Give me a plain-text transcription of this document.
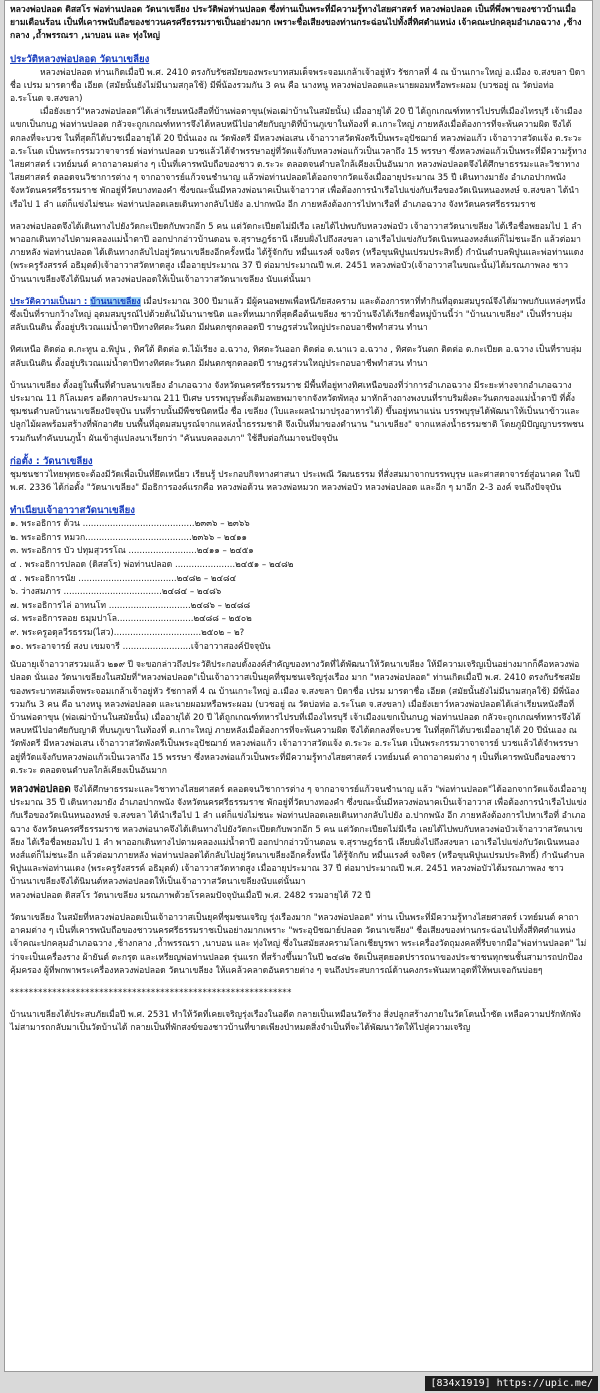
หลวงพ่อปลอด ดิสสโร พ่อท่านปลอด วัดนาเขลียง ประวัติพ่อท่านปลอด ซึ่งท่านเป็นพระที่มีความรู้ทางไสยศาสตร์ หลวงพ่อปลอด เป็นที่พึ่งพาของชาวบ้านเมื่อยามเดือนร้อน เป็นที่เคารพนับถือของชาวนครศรีธรรมราชเป็นอย่างมาก เพราะชื่อเสียงของท่านกระฉ่อนไปทั้งสี่ทิศตำแหน่ง เจ้าคณะปกคลุมอำเภอฉวาง ,ช้างกลาง ,ถ้ำพรรณรา ,นาบอน และ ทุ่งใหญ่

ประวัติหลวงพ่อปลอด วัดนาเขลียง

หลวงพ่อปลอด ท่านเกิดเมื่อปี พ.ศ. 2410 ตรงกับรัชสมัยของพระบาทสมเด็จพระจอมเกล้าเจ้าอยู่หัว รัชกาลที่ 4 ณ บ้านเกาะใหญ่ อ.เมือง จ.สงขลา บิดาชื่อ เปรม มารดาชื่อ เอียด (สมัยนั้นยังไม่มีนามสกุลใช้) มีพี่น้องรวมกัน 3 คน คือ นางหนู หลวงพ่อปลอดและนายผอมหรือพระผอม (บวชอยู่ ณ วัดบ่อท่อ อ.ระโนด จ.สงขลา)

เมื่อยังเยาว์"หลวงพ่อปลอด"ได้เล่าเรียนหนังสือที่บ้านพ่อตาขุน(พ่อเฒ่าบ้านในสมัยนั้น) เมื่ออายุได้ 20 ปี ได้ถูกเกณฑ์ทหารไปรบที่เมืองไทรบุรี เจ้าเมืองแขกเป็นกบฏ พ่อท่านปลอด กลัวจะถูกเกณฑ์ทหารจึงได้หลบหนีไปอาศัยกับญาติที่บ้านภูเขาในท้องที่ ต.เกาะใหญ่ ภายหลังเมื่อต้องการที่จะพ้นความผิด จึงได้ตกลงที่จะบวช ในที่สุดก็ได้บวชเมื่ออายุได้ 20 ปีนั่นเอง ณ วัดพังตรี มีหลวงพ่อเสน เจ้าอาวาสวัดพังตรีเป็นพระอุปัชฌาย์ หลวงพ่อแก้ว เจ้าอาวาสวัดแจ้ง ต.ระวะ อ.ระโนด เป็นพระกรรมวาจาจารย์ พ่อท่านปลอด บวชแล้วได้จำพรรษาอยู่ที่วัดแจ้งกับหลวงพ่อแก้วเป็นเวลาถึง 15 พรรษา ซึ่งหลวงพ่อแก้วเป็นพระที่มีความรู้ทางไสยศาสตร์ เวทย์มนต์ คาถาอาคมต่าง ๆ เป็นที่เคารพนับถือของชาว ต.ระวะ ตลอดจนตำบลใกล้เคียงเป็นอันมาก หลวงพ่อปลอดจึงได้ศึกษาธรรมะและวิชาทางไสยศาสตร์ ตลอดจนวิชาการต่าง ๆ จากอาจารย์แก้วจนชำนาญ แล้วพ่อท่านปลอดได้ออกจากวัดแจ้งเมื่ออายุประมาณ 35 ปี เดินทางมายัง อำเภอปากพนัง จังหวัดนครศรีธรรมราช พักอยู่ที่วัดบางทองคำ ซึ่งขณะนั้นมีหลวงพ่อนาคเป็นเจ้าอาวาส เพื่อต้องการนำเรือไปแข่งกับเรือของวัดเนินหนองหงษ์ จ.สงขลา ได้นำเรือไป 1 ลำ แต่ก็แข่งไม่ชนะ พ่อท่านปลอดเลยเดินทางกลับไปยัง อ.ปากพนัง อีก ภายหลังต้องการไปหาเรือที่ อำเภอฉวาง จังหวัดนครศรีธรรมราช

หลวงพ่อปลอดจึงได้เดินทางไปยังวัดกะเปียดกับพวกอีก 5 คน แต่วัดกะเปียดไม่มีเรือ เลยได้ไปพบกับหลวงพ่อบัว เจ้าอาวาสวัดนาเขลียง ได้เรือชื่อพยอมไป 1 ลำ พาออกเดินทางไปตามคลองแม่น้ำตาปี ออกปากอ่าวบ้านดอน จ.สุราษฎร์ธานี เลียบฝั่งไปถึงสงขลา เอาเรือไปแข่งกับวัดเนินหนองหงส์แต่ก็ไม่ชนะอีก แล้วต่อมาภายหลัง พ่อท่านปลอด ได้เดินทางกลับไปอยู่วัดนาเขลียงอีกครั้งหนึ่ง ได้รู้จักกับ หมื่นแรงศ์ จงจิตร (หรือขุนพิปูนเปรมประสิทธิ์) กำนันตำบลพิปูนและพ่อท่านแดง (พระครูรังสรรค์ อธิมุตต์)เจ้าอาวาสวัดหาดสูง เมื่ออายุประมาณ 37 ปี ต่อมาประมาณปี พ.ศ. 2451 หลวงพ่อบัว(เจ้าอาวาสในขณะนั้น)ได้มรณภาพลง ชาวบ้านนาเขลียงจึงได้นิมนต์ หลวงพ่อปลอดให้เป็นเจ้าอาวาสวัดนาเขลียง นับแต่นั้นมา

ประวัติความเป็นมา : บ้านนาเขลียง เมื่อประมาณ 300 ปีมาแล้ว มีผู้คนอพยพเพื่อหนีภัยสงคราม และต้องการหาที่ทำกินที่อุดมสมบูรณ์จึงได้มาพบกับแหล่งๆหนึ่งซึ่งเป็นที่ราบกว้างใหญ่ อุดมสมบูรณ์ไปด้วยต้นไม้นานาชนิด และที่หนมากที่สุดคือต้นเขลียง ชาวบ้านจึงได้เรียกชื่อหมู่บ้านนี้ว่า "บ้านนาเขลียง" เป็นที่ราบลุ่มสลับเนินดิน ตั้งอยู่บริเวณแม่น้ำตาปีทางทิศตะวันตก มีฝนตกชุกตลอดปี ราษฎรส่วนใหญ่ประกอบอาชีพทำสวน ทำนา

ทิศเหนือ ติดต่อ ต.กะทูน อ.พิปูน , ทิศใต้ ติดต่อ ต.ไม้เรียง อ.ฉวาง, ทิศตะวันออก ติดต่อ ต.นาแว อ.ฉวาง , ทิศตะวันตก ติดต่อ ต.กะเปียด อ.ฉวาง เป็นที่ราบลุ่มสลับเนินดิน ตั้งอยู่บริเวณแม่น้ำตาปีทางทิศตะวันตก มีฝนตกชุกตลอดปี ราษฎรส่วนใหญ่ประกอบอาชีพทำสวน ทำนา

บ้านนาเขลียง ตั้งอยู่ในพื้นที่ตำบลนาเขลียง อำเภอฉวาง จังหวัดนครศรีธรรมราช มีพื้นที่อยู่ทางทิศเหนือของที่ว่าการอำเภอฉวาง มีระยะห่างจากอำเภอฉวาง ประมาณ 11 กิโลเมตร อดีตกาลประมาณ 211 ปีเศษ บรรพบุรุษดั้งเดิมอพยพมาจากจังหวัดพัทลุง มาหักล้างถางพงบนที่ราบริมฝั่งตะวันตกของแม่น้ำตาปี ที่ตั้งชุมชนตำบลบ้านนาเขลียงปัจจุบัน บนที่ราบนั้นมีพืชชนิดหนึ่ง ชื่อ เขลียง (ใบและผลนำมาปรุงอาหารได้) ขึ้นอยู่หนาแน่น บรรพบุรุษได้พัฒนาให้เป็นนาข้าวและปลูกไม้ผลพร้อมสร้างที่พักอาศัย บนพื้นที่อุดมสมบูรณ์จากแหล่งน้ำธรรมชาติ จึงเป็นที่มาของตำนาน "นาเขลียง" จากแหล่งน้ำธรรมชาติ โดยภูมิปัญญาบรรพชนรวมกันทำคันบนภูน้ำ ผันเข้าสู่แปลงนาเรียกว่า "คันนบคลองเภา" ใช้สืบต่อกันมาจนปัจจุบัน

ก่อตั้ง : วัดนาเขลียง

ชุมชนชาวไทยพุทธจะต้องมีวัดเพื่อเป็นที่ยึดเหนี่ยว เรียนรู้ ประกอบกิจทางศาสนา ประเพณี วัฒนธรรม ที่สั่งสมมาจากบรรพบุรุษ และศาสดาจารย์สู่อนาคต ในปี พ.ศ. 2336 ได้ก่อตั้ง "วัดนาเขลียง" มีอธิการองค์แรกคือ หลวงพ่อด้วน หลวงพ่อหมวก หลวงพ่อบัว หลวงพ่อปลอด และอีก ๆ มาอีก 2-3 องค์ จนถึงปัจจุบัน

ทำเนียบเจ้าอาวาสวัดนาเขลียง
๑. พระอธิการ ด้วน .........................................๒๓๓๖ – ๒๓๖๖
๒. พระอธิการ หมวก.......................................๒๓๖๖ – ๒๔๑๑
๓. พระอธิการ บัว ปทุมสุวรรโณ .........................๒๔๑๑ – ๒๔๕๑
๔ . พระอธิการปลอด (ดิสสโร) พ่อท่านปลอด ......................๒๔๕๑ – ๒๔๘๒
๕ . พระอธิการนัย ....................................๒๔๘๒ – ๒๔๘๔
๖. ว่างสมภาร ....................................๒๔๘๔ – ๒๔๘๖
๗. พระอธิการไล่ อาทนโท ..............................๒๔๘๖ – ๒๔๘๘
๘. พระอธิการลอย ธมฺมปาโล............................๒๔๘๘ – ๒๕๐๒
๙. พระครูอดุลวีรธรรม(ไสว)................................๒๕๐๒ – ๒?
๑๐. พระอาจารย์ สงบ เขมจารี .........................เจ้าอาวาสองค์ปัจจุบัน

นับอายุเจ้าอาวาสรวมแล้ว ๒๑๙ ปี จะขอกล่าวถึงประวัติประกอบดั้งองค์สำคัญของทางวัดที่ได้พัฒนาให้วัดนาเขลียง ให้มีความเจริญเป็นอย่างมากก็คือหลวงพ่อปลอด นั่นเอง วัดนาเขลียงในสมัยที่"หลวงพ่อปลอด"เป็นเจ้าอาวาสเป็นยุคที่ชุมชนเจริญรุ่งเรือง มาก "หลวงพ่อปลอด" ท่านเกิดเมื่อปี พ.ศ. 2410 ตรงกับรัชสมัย ของพระบาทสมเด็จพระจอมเกล้าเจ้าอยู่หัว รัชกาลที่ 4 ณ บ้านเกาะใหญ่ อ.เมือง จ.สงขลา บิดาชื่อ เปรม มารดาชื่อ เอียด (สมัยนั้นยังไม่มีนามสกุลใช้) มีพี่น้องรวมกัน 3 คน คือ นางหนู หลวงพ่อปลอด และนายผอมหรือพระผอม (บวชอยู่ ณ วัดบ่อท่อ อ.ระโนด จ.สงขลา) เมื่อยังเยาว์หลวงพ่อปลอดได้เล่าเรียนหนังสือที่บ้านพ่อตาขุน (พ่อเฒ่าบ้านในสมัยนั้น) เมื่ออายุได้ 20 ปี ได้ถูกเกณฑ์ทหารไปรบที่เมืองไทรบุรี เจ้าเมืองแขกเป็นกบฎ พ่อท่านปลอด กลัวจะถูกเกณฑ์ทหารจึงได้หลบหนีไปอาศัยกับญาติ ที่บนภูเขาในท้องที่ ต.เกาะใหญ่ ภายหลังเมื่อต้องการที่จะพ้นความผิด จึงได้ตกลงที่จะบวช ในที่สุดก็ได้บวชเมื่ออายุได้ 20 ปีนั่นเอง ณ วัดพังตรี มีหลวงพ่อเสน เจ้าอาวาสวัดพังตรีเป็นพระอุปัชฌาย์ หลวงพ่อแก้ว เจ้าอาวาสวัดแจ้ง ต.ระวะ อ.ระโนด เป็นพระกรรมวาจาจารย์ บวชแล้วได้จำพรรษาอยู่ที่วัดแจ้งกับหลวงพ่อแก้วเป็นเวลาถึง 15 พรรษา ซึ่งหลวงพ่อแก้วเป็นพระที่มีความรู้ทางไสยศาสตร์ เวทย์มนต์ คาถาอาคมต่าง ๆ เป็นที่เคารพนับถือของชาว ต.ระวะ ตลอดจนตำบลใกล้เคียงเป็นอันมาก

หลวงพ่อปลอด จึงได้ศึกษาธรรมะและวิชาทางไสยศาสตร์ ตลอดจนวิชาการต่าง ๆ จากอาจารย์แก้วจนชำนาญ แล้ว "พ่อท่านปลอด"ได้ออกจากวัดแจ้งเมื่ออายุประมาณ 35 ปี เดินทางมายัง อำเภอปากพนัง จังหวัดนครศรีธรรมราช พักอยู่ที่วัดบางทองคำ ซึ่งขณะนั้นมีหลวงพ่อนาคเป็นเจ้าอาวาส เพื่อต้องการนำเรือไปแข่งกับเรือของวัดเนินหนองหงษ์ จ.สงขลา ได้นำเรือไป 1 ลำ แต่ก็แข่งไม่ชนะ พ่อท่านปลอดเลยเดินทางกลับไปยัง อ.ปากพนัง อีก ภายหลังต้องการไปหาเรือที่ อำเภอฉวาง จังหวัดนครศรีธรรมราช หลวงพ่อนาคจึงได้เดินทางไปยังวัดกะเปียดกับพวกอีก 5 คน แต่วัดกะเปียดไม่มีเรือ เลยได้ไปพบกับหลวงพ่อบัวเจ้าอาวาสวัดนาเขลียง ได้เรือชื่อพยอมไป 1 ลำ พาออกเดินทางไปตามคลองแม่น้ำตาปี ออกปากอ่าวบ้านดอน จ.สุราษฎร์ธานี เลียบฝั่งไปถึงสงขลา เอาเรือไปแข่งกับวัดเนินหนองหงส์แต่ก็ไม่ชนะอีก แล้วต่อมาภายหลัง พ่อท่านปลอดได้กลับไปอยู่วัดนาเขลียงอีกครั้งหนึ่ง ได้รู้จักกับ หมื่นแรงศ์ จงจิตร (หรือขุนพิปูนเปรมประสิทธิ์) กำนันตำบลพิปูนและพ่อท่านแดง (พระครูรังสรรค์ อธิมุตต์) เจ้าอาวาสวัดหาดสูง เมื่ออายุประมาณ 37 ปี ต่อมาประมาณปี พ.ศ. 2451 หลวงพ่อบัวได้มรณภาพลง ชาวบ้านนาเขลียงจึงได้นิมนต์หลวงพ่อปลอดให้เป็นเจ้าอาวาสวัดนาเขลียงนับแต่นั้นมา

หลวงพ่อปลอด ดิสสโร วัดนาเขลียง มรณภาพด้วยโรคลมปัจจุบันเมื่อปี พ.ศ. 2482 รวมอายุได้ 72 ปี

วัดนาเขลียง ในสมัยที่หลวงพ่อปลอดเป็นเจ้าอาวาสเป็นยุคที่ชุมชนเจริญ รุ่งเรืองมาก "หลวงพ่อปลอด" ท่าน เป็นพระที่มีความรู้ทางไสยศาสตร์ เวทย์มนต์ คาถาอาคมต่าง ๆ เป็นที่เคารพนับถือของชาวนครศรีธรรมราชเป็นอย่างมากเพราะ "พระอุปัชฌาย์ปลอด วัดนาเขลียง" ชื่อเสียงของท่านกระฉ่อนไปทั้งสี่ทิศตำแหน่ง เจ้าคณะปกคลุมอำเภอฉวาง ,ช้างกลาง ,ถ้ำพรรณรา ,นาบอน และ ทุ่งใหญ่ ซึ่งในสมัยสงครามโลกเชียบูรพา พระเครื่องวัตถุมงคลที่รีบจากมือ"พ่อท่านปลอด" ไม่ว่าจะเป็นเครื่องราง ผ้ายันต์ ตะกรุด และเหรียญพ่อท่านปลอด รุ่นแรก ที่สร้างขึ้นมาในปี ๒๔๘๒ จัดเป็นสุดยอดปรารถนาของประชาชนทุกชนชั้นสามารถปกป้องคุ้มครอง ผู้ที่พกพาพระเครื่องหลวงพ่อปลอด วัดนาเขลียง ให้แคล้วคลาดอันตรายต่าง ๆ จนถึงประสบการณ์ด้านคงกระพันมหาอุดที่ให้พบเจอกันบ่อยๆ

************************************************************

บ้านนาเขลียงได้ประสบภัยเมื่อปี พ.ศ. 2531 ทำให้วัดที่เคยเจริญรุ่งเรืองในอดีต กลายเป็นเหมือนวัดร้าง สิ่งปลูกสร้างภายในวัดโดนน้ำซัด เหลือความปรักหักพัง ไม่สามารถกลับมาเป็นวัดบ้านได้ กลายเป็นที่พักสงฆ์ของชาวบ้านที่ขาดเพียงป่าหมดสิ่งจำเป็นที่จะได้พัฒนาวัดให้ไปสู่ความเจริญ

[834x1919] https://upic.me/
